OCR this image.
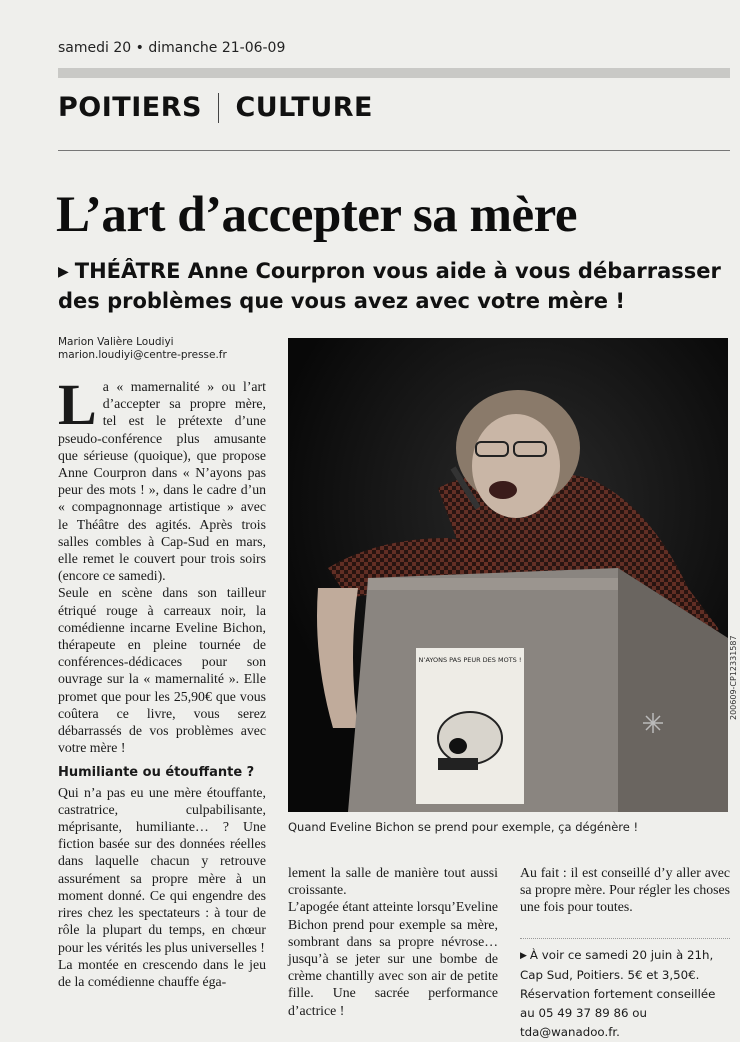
samedi 20 • dimanche 21-06-09
POITIERS CULTURE
L’art d’accepter sa mère
▶ THÉÂTRE Anne Courpron vous aide à vous débarrasser des problèmes que vous avez avec votre mère !
Marion Valière Loudiyi
marion.loudiyi@centre-presse.fr

La « mamernalité » ou l’art d’accepter sa propre mère, tel est le prétexte d’une pseudo-conférence plus amusante que sérieuse (quoique), que propose Anne Courpron dans « N’ayons pas peur des mots ! », dans le cadre d’un « compagnonnage artistique » avec le Théâtre des agités. Après trois salles combles à Cap-Sud en mars, elle remet le couvert pour trois soirs (encore ce samedi).

Seule en scène dans son tailleur étriqué rouge à carreaux noir, la comédienne incarne Eveline Bichon, thérapeute en pleine tournée de conférences-dédicaces pour son ouvrage sur la « mamernalité ». Elle promet que pour les 25,90€ que vous coûtera ce livre, vous serez débarrassés de vos problèmes avec votre mère !

Humiliante ou étouffante ?

Qui n’a pas eu une mère étouffante, castratrice, culpabilisante, méprisante, humiliante… ? Une fiction basée sur des données réelles dans laquelle chacun y retrouve assurément sa propre mère à un moment donné. Ce qui engendre des rires chez les spectateurs : à tour de rôle la plupart du temps, en chœur pour les vérités les plus universelles !

La montée en crescendo dans le jeu de la comédienne chauffe éga-

N’AYONS PAS PEUR DES MOTS !	200609-CP12331587
Quand Eveline Bichon se prend pour exemple, ça dégénère !

lement la salle de manière tout aussi croissante.

L’apogée étant atteinte lorsqu’Eveline Bichon prend pour exemple sa mère, sombrant dans sa propre névrose… jusqu’à se jeter sur une bombe de crème chantilly avec son air de petite fille. Une sacrée performance d’actrice !

Au fait : il est conseillé d’y aller avec sa propre mère. Pour régler les choses une fois pour toutes.

▶ À voir ce samedi 20 juin à 21h, Cap Sud, Poitiers. 5€ et 3,50€. Réservation fortement conseillée au 05 49 37 89 86 ou tda@wanadoo.fr.
